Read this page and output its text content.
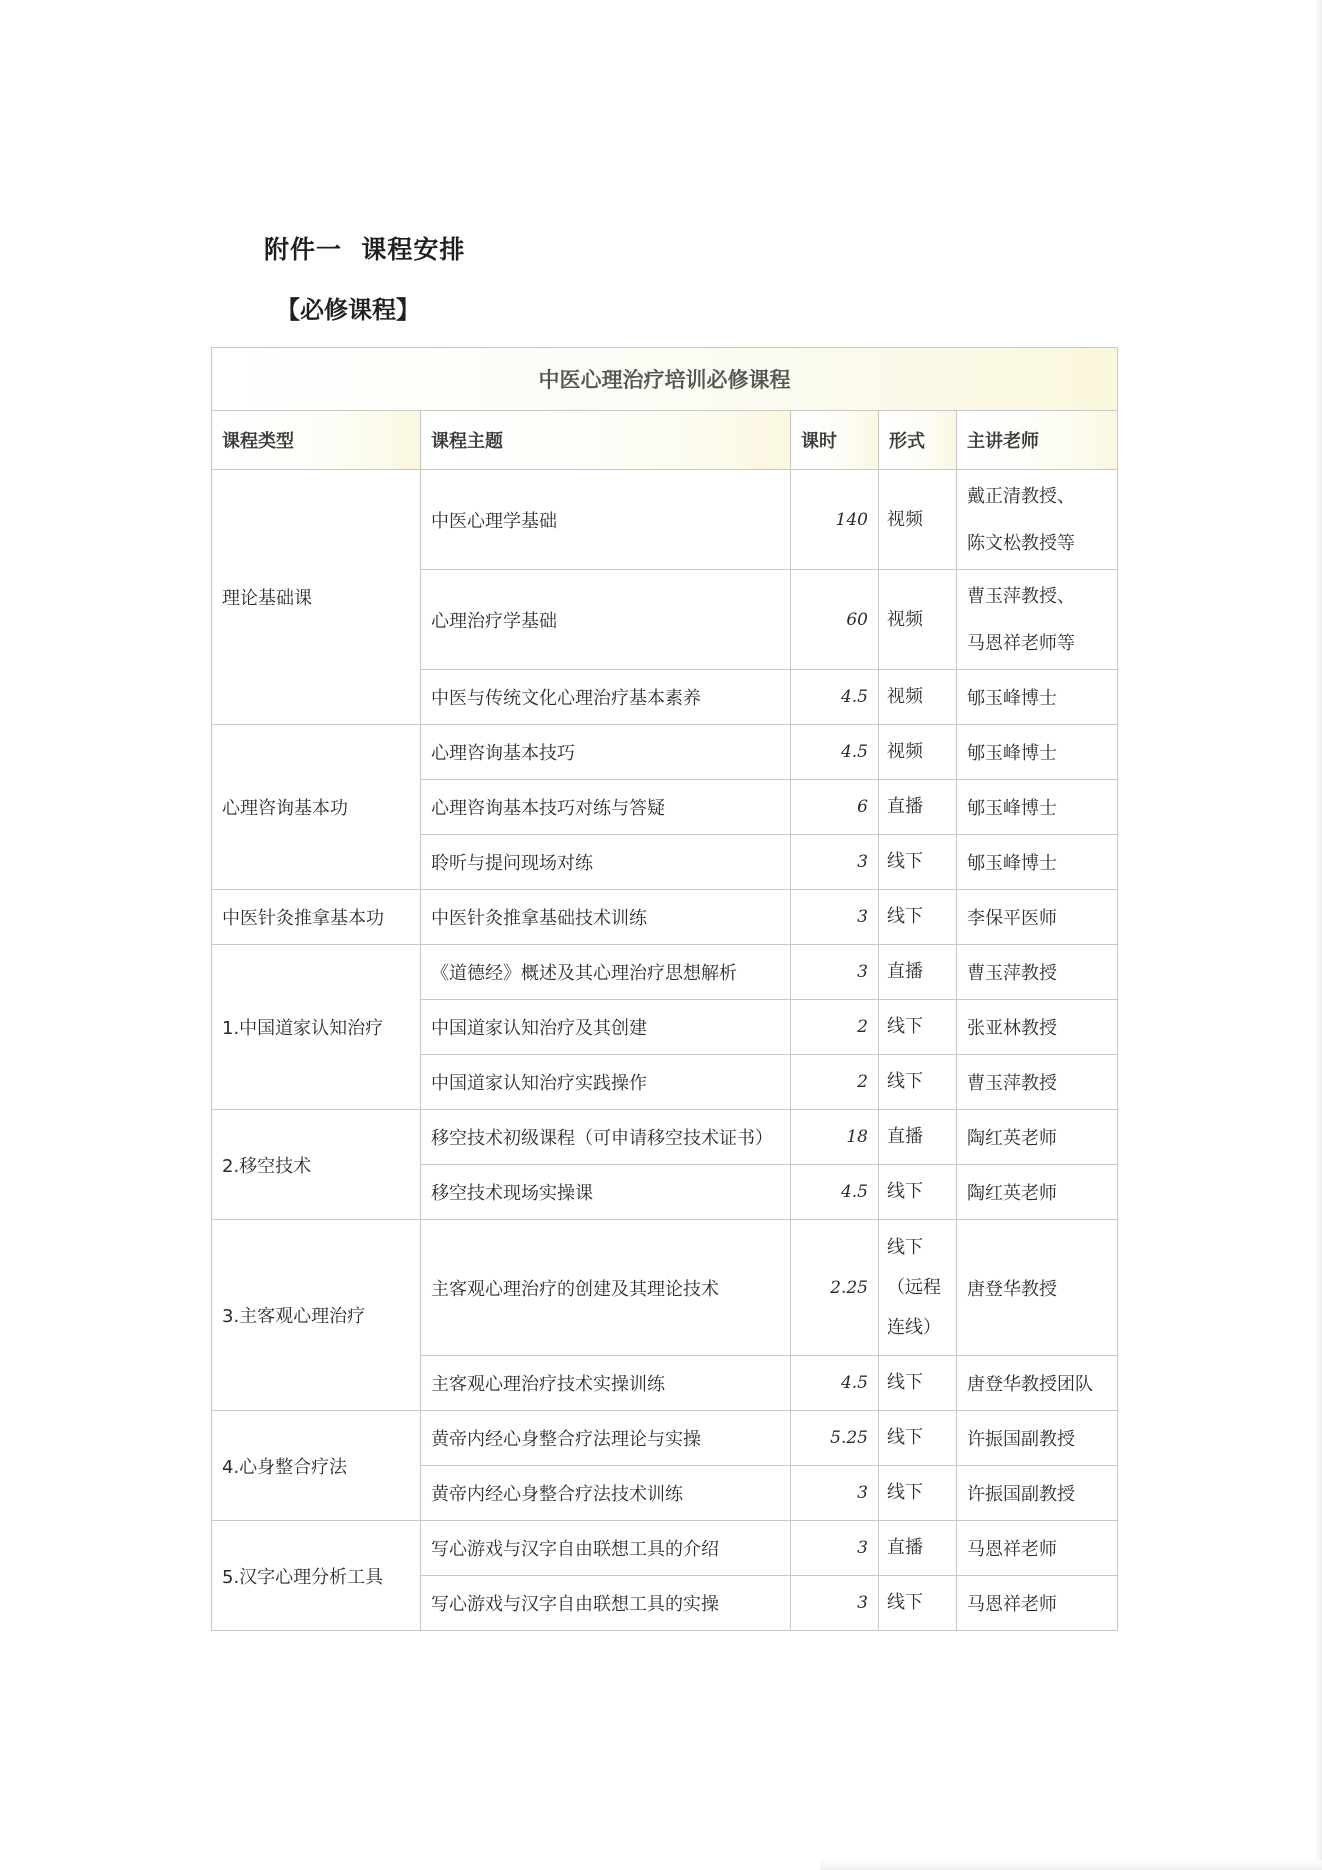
附件一  课程安排
【必修课程】
中医心理治疗培训必修课程				
课程类型	课程主题	课时	形式	主讲老师
理论基础课	中医心理学基础	140	视频	戴正清教授、
陈文松教授等

	心理治疗学基础	60	视频	曹玉萍教授、
马恩祥老师等

	中医与传统文化心理治疗基本素养	4.5	视频	郇玉峰博士
心理咨询基本功	心理咨询基本技巧	4.5	视频	郇玉峰博士
	心理咨询基本技巧对练与答疑	6	直播	郇玉峰博士
	聆听与提问现场对练	3	线下	郇玉峰博士
中医针灸推拿基本功	中医针灸推拿基础技术训练	3	线下	李保平医师
1.中国道家认知治疗	《道德经》概述及其心理治疗思想解析	3	直播	曹玉萍教授
	中国道家认知治疗及其创建	2	线下	张亚林教授
	中国道家认知治疗实践操作	2	线下	曹玉萍教授
2.移空技术	移空技术初级课程（可申请移空技术证书）	18	直播	陶红英老师
	移空技术现场实操课	4.5	线下	陶红英老师
3.主客观心理治疗	主客观心理治疗的创建及其理论技术	2.25	线下
（远程
连线）	唐登华教授
	主客观心理治疗技术实操训练	4.5	线下	唐登华教授团队
4.心身整合疗法	黄帝内经心身整合疗法理论与实操	5.25	线下	许振国副教授
	黄帝内经心身整合疗法技术训练	3	线下	许振国副教授
5.汉字心理分析工具	写心游戏与汉字自由联想工具的介绍	3	直播	马恩祥老师
	写心游戏与汉字自由联想工具的实操	3	线下	马恩祥老师
